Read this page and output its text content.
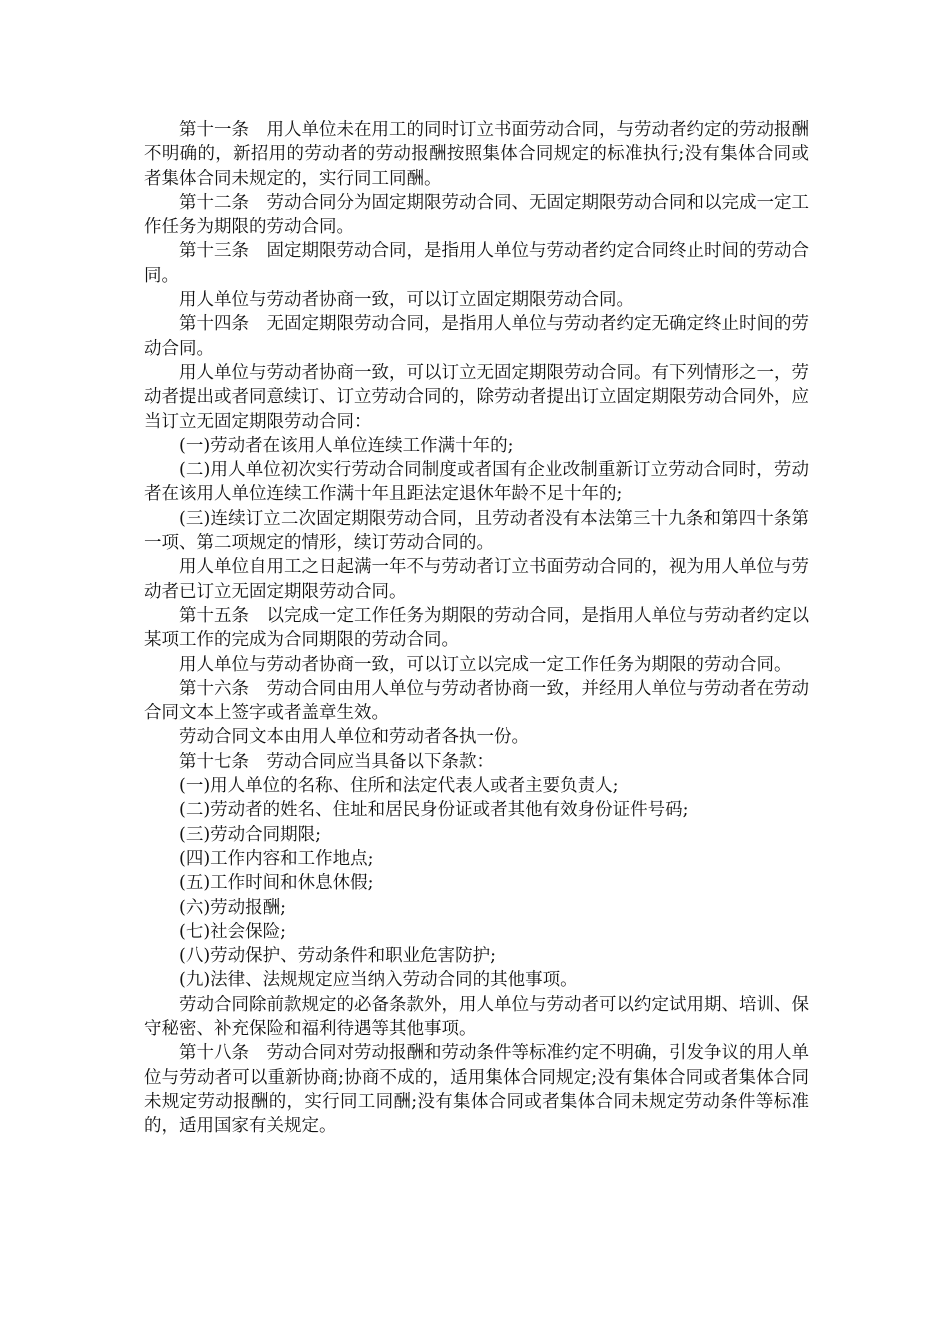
第十一条　用人单位未在用工的同时订立书面劳动合同，与劳动者约定的劳动报酬不明确的，新招用的劳动者的劳动报酬按照集体合同规定的标准执行;没有集体合同或者集体合同未规定的，实行同工同酬。

第十二条　劳动合同分为固定期限劳动合同、无固定期限劳动合同和以完成一定工作任务为期限的劳动合同。

第十三条　固定期限劳动合同，是指用人单位与劳动者约定合同终止时间的劳动合同。

用人单位与劳动者协商一致，可以订立固定期限劳动合同。

第十四条　无固定期限劳动合同，是指用人单位与劳动者约定无确定终止时间的劳动合同。

用人单位与劳动者协商一致，可以订立无固定期限劳动合同。有下列情形之一，劳动者提出或者同意续订、订立劳动合同的，除劳动者提出订立固定期限劳动合同外，应当订立无固定期限劳动合同：

(一)劳动者在该用人单位连续工作满十年的;

(二)用人单位初次实行劳动合同制度或者国有企业改制重新订立劳动合同时，劳动者在该用人单位连续工作满十年且距法定退休年龄不足十年的;

(三)连续订立二次固定期限劳动合同，且劳动者没有本法第三十九条和第四十条第一项、第二项规定的情形，续订劳动合同的。

用人单位自用工之日起满一年不与劳动者订立书面劳动合同的，视为用人单位与劳动者已订立无固定期限劳动合同。

第十五条　以完成一定工作任务为期限的劳动合同，是指用人单位与劳动者约定以某项工作的完成为合同期限的劳动合同。

用人单位与劳动者协商一致，可以订立以完成一定工作任务为期限的劳动合同。

第十六条　劳动合同由用人单位与劳动者协商一致，并经用人单位与劳动者在劳动合同文本上签字或者盖章生效。

劳动合同文本由用人单位和劳动者各执一份。

第十七条　劳动合同应当具备以下条款：

(一)用人单位的名称、住所和法定代表人或者主要负责人;

(二)劳动者的姓名、住址和居民身份证或者其他有效身份证件号码;

(三)劳动合同期限;

(四)工作内容和工作地点;

(五)工作时间和休息休假;

(六)劳动报酬;

(七)社会保险;

(八)劳动保护、劳动条件和职业危害防护;

(九)法律、法规规定应当纳入劳动合同的其他事项。

劳动合同除前款规定的必备条款外，用人单位与劳动者可以约定试用期、培训、保守秘密、补充保险和福利待遇等其他事项。

第十八条　劳动合同对劳动报酬和劳动条件等标准约定不明确，引发争议的用人单位与劳动者可以重新协商;协商不成的，适用集体合同规定;没有集体合同或者集体合同未规定劳动报酬的，实行同工同酬;没有集体合同或者集体合同未规定劳动条件等标准的，适用国家有关规定。
